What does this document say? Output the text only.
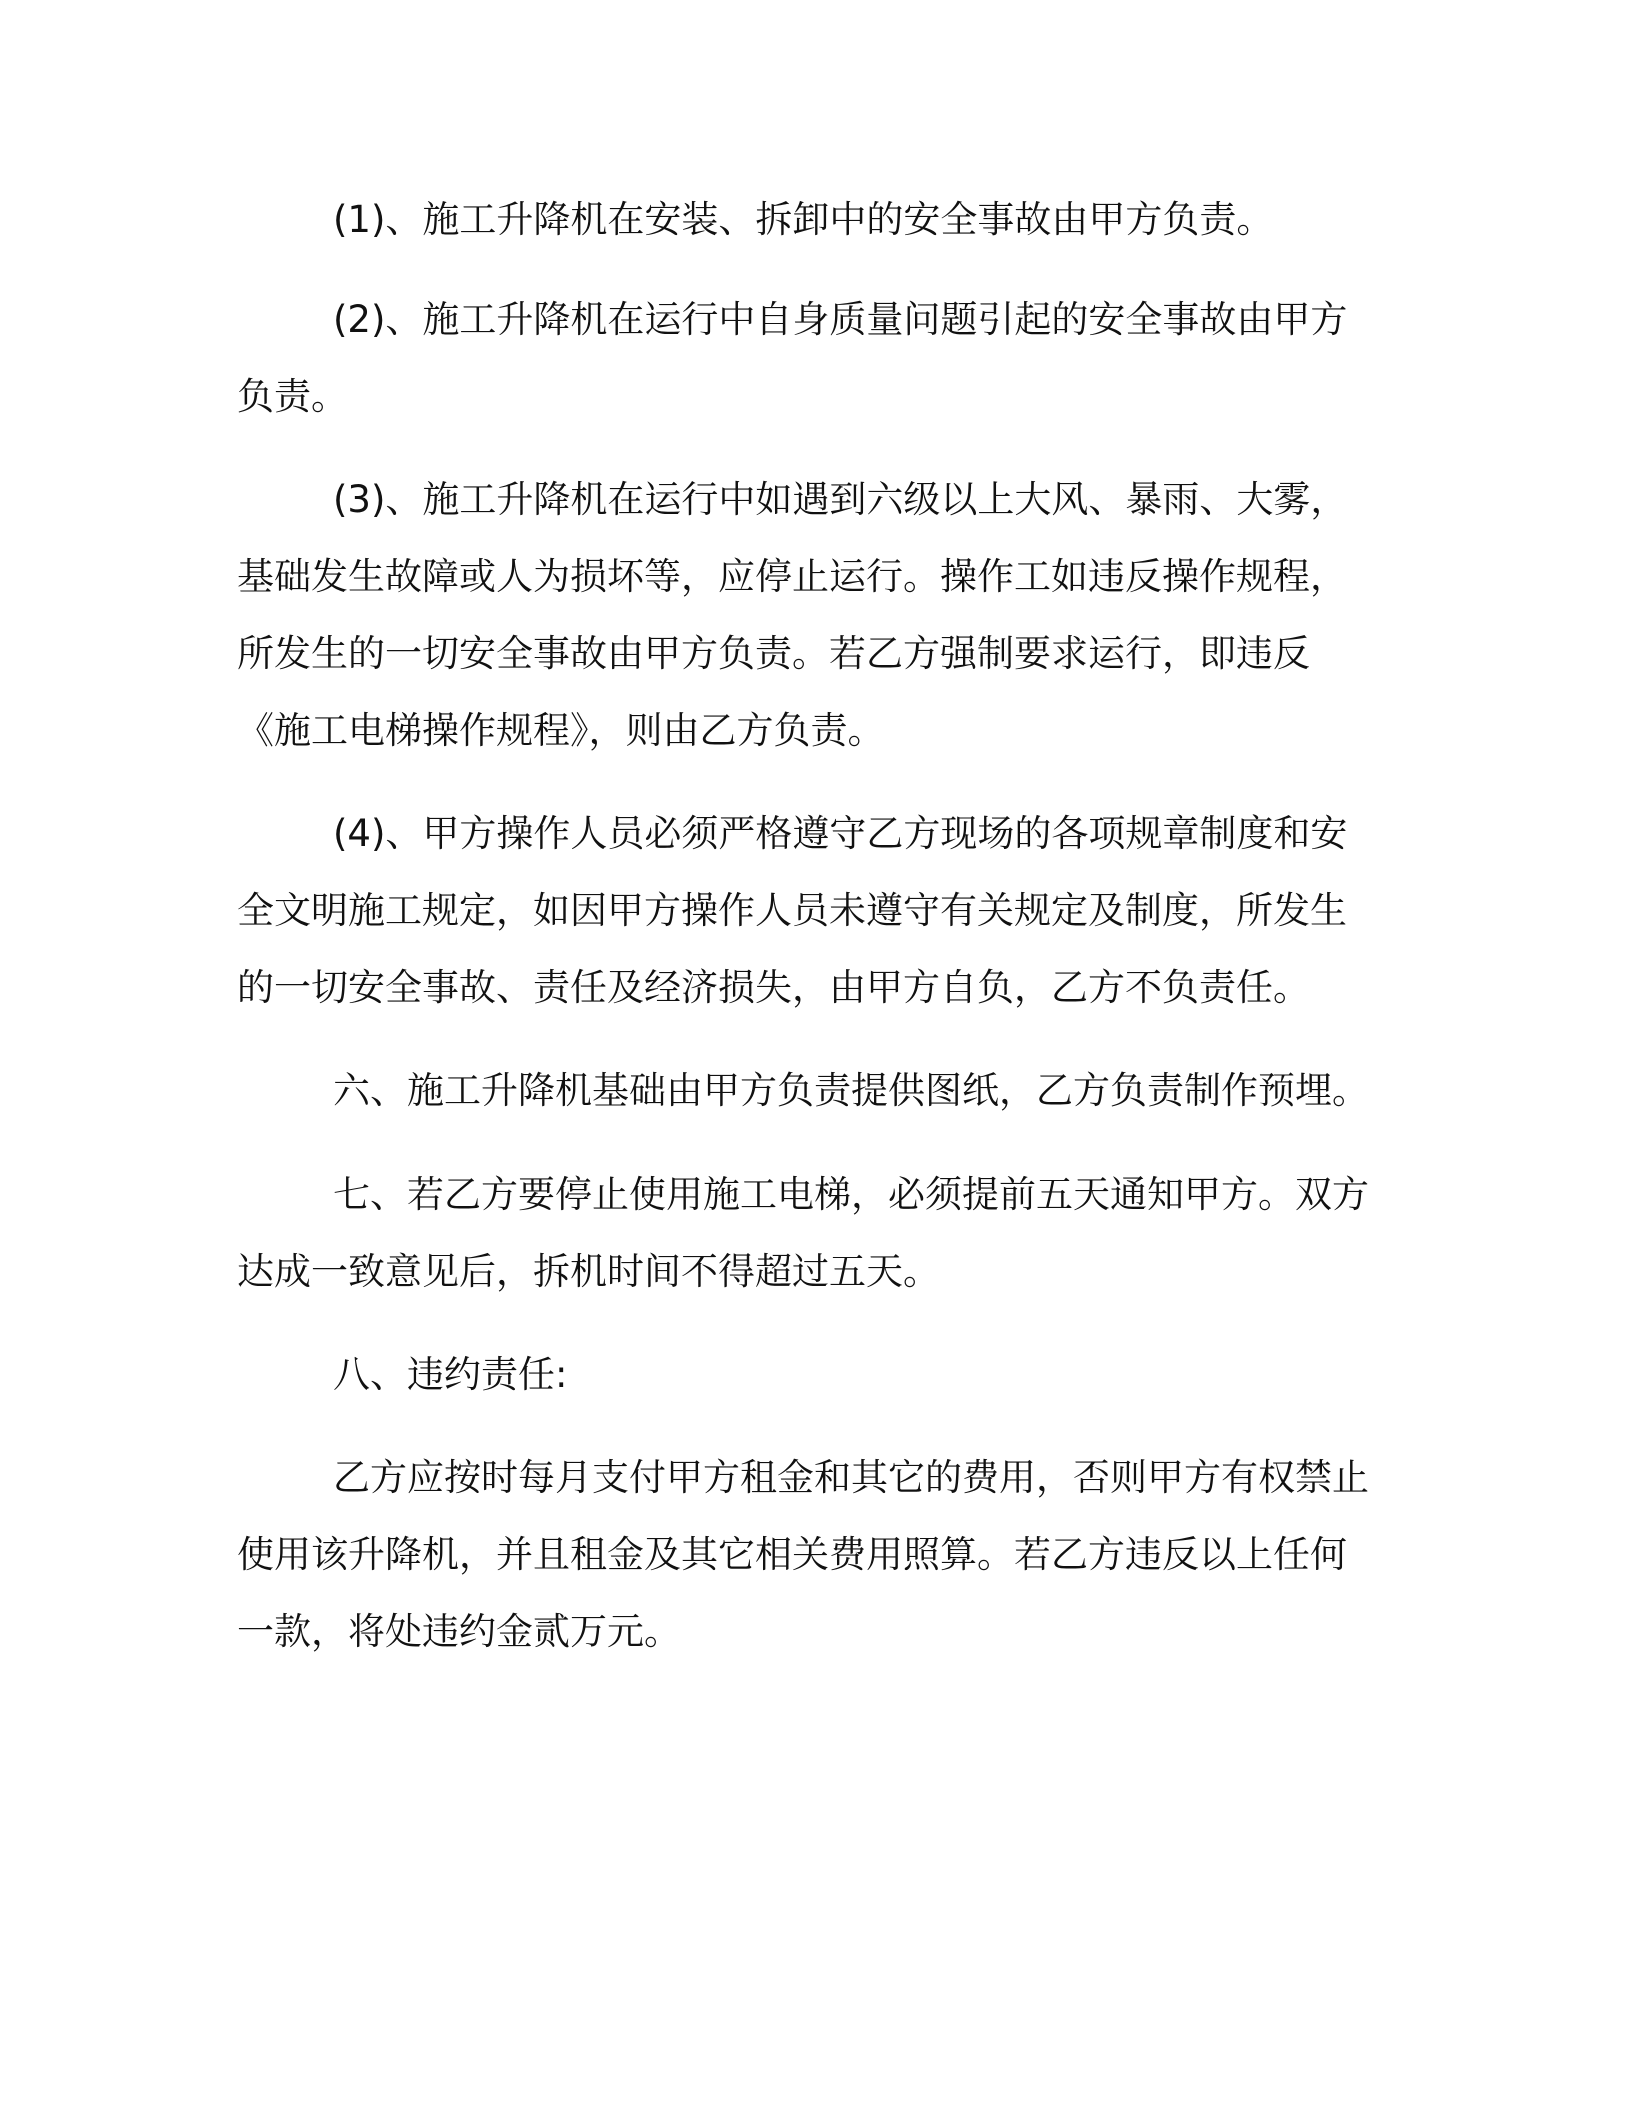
(1)、施工升降机在安装、拆卸中的安全事故由甲方负责。

(2)、施工升降机在运行中自身质量问题引起的安全事故由甲方

负责。

(3)、施工升降机在运行中如遇到六级以上大风、暴雨、大雾，

基础发生故障或人为损坏等，应停止运行。操作工如违反操作规程，

所发生的一切安全事故由甲方负责。若乙方强制要求运行，即违反

《施工电梯操作规程》，则由乙方负责。

(4)、甲方操作人员必须严格遵守乙方现场的各项规章制度和安

全文明施工规定，如因甲方操作人员未遵守有关规定及制度，所发生

的一切安全事故、责任及经济损失，由甲方自负，乙方不负责任。

六、施工升降机基础由甲方负责提供图纸，乙方负责制作预埋。

七、若乙方要停止使用施工电梯，必须提前五天通知甲方。双方

达成一致意见后，拆机时间不得超过五天。

八、违约责任:

乙方应按时每月支付甲方租金和其它的费用，否则甲方有权禁止

使用该升降机，并且租金及其它相关费用照算。若乙方违反以上任何

一款，将处违约金贰万元。
